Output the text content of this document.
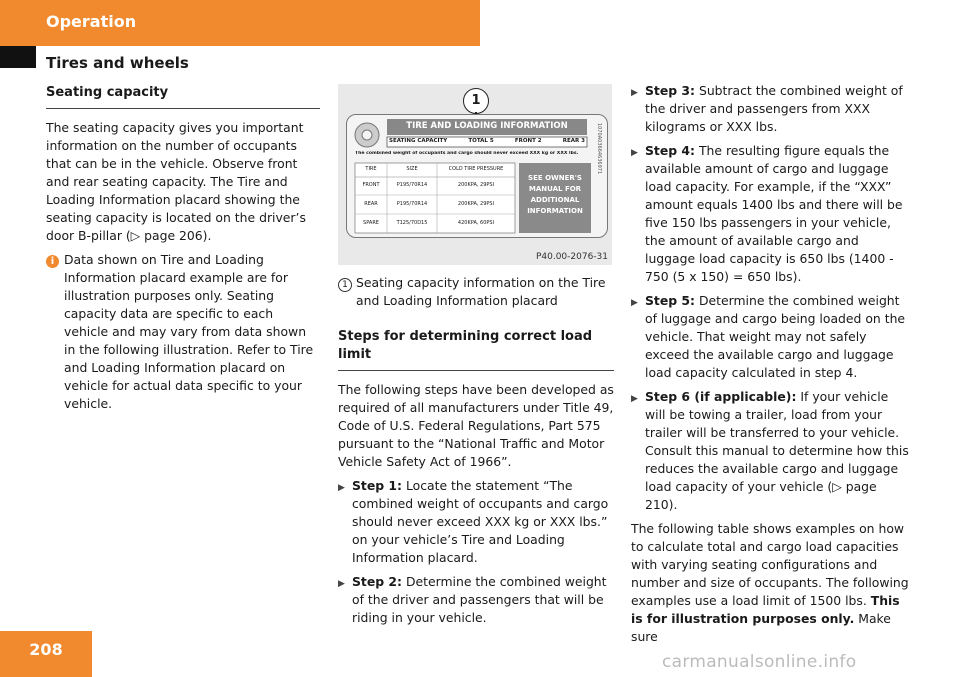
Operation
Tires and wheels
Seating capacity

The seating capacity gives you important information on the number of occupants that can be in the vehicle. Observe front and rear seating capacity. The Tire and Loading Information placard showing the seating capacity is located on the driver’s door B-pillar (▷ page 206).

i Data shown on Tire and Loading Information placard example are for illustration purposes only. Seating capacity data are specific to each vehicle and may vary from data shown in the following illustration. Refer to Tire and Loading Information placard on vehicle for actual data specific to your vehicle.
1
TIRE AND LOADING INFORMATION
SEATING CAPACITY	TOTAL 5	FRONT 2	REAR 3
The combined weight of occupants and cargo should never exceed XXX kg or XXX lbs.
TIRE	SIZE	COLD TIRE PRESSURE
FRONT	P195/70R14	200KPA, 29PSI
REAR	P195/70R14	200KPA, 29PSI
SPARE	T125/70D15	420KPA, 60PSI
SEE OWNER'S MANUAL FOR ADDITIONAL INFORMATION
1070A03664636971
P40.00-2076-31
1 Seating capacity information on the Tire and Loading Information placard
Steps for determining correct load limit

The following steps have been developed as required of all manufacturers under Title 49, Code of U.S. Federal Regulations, Part 575 pursuant to the “National Traffic and Motor Vehicle Safety Act of 1966”.

▶ Step 1: Locate the statement “The combined weight of occupants and cargo should never exceed XXX kg or XXX lbs.” on your vehicle’s Tire and Loading Information placard.
▶ Step 2: Determine the combined weight of the driver and passengers that will be riding in your vehicle.
▶ Step 3: Subtract the combined weight of the driver and passengers from XXX kilograms or XXX lbs.
▶ Step 4: The resulting figure equals the available amount of cargo and luggage load capacity. For example, if the “XXX” amount equals 1400 lbs and there will be five 150 lbs passengers in your vehicle, the amount of available cargo and luggage load capacity is 650 lbs (1400 - 750 (5 x 150) = 650 lbs).
▶ Step 5: Determine the combined weight of luggage and cargo being loaded on the vehicle. That weight may not safely exceed the available cargo and luggage load capacity calculated in step 4.
▶ Step 6 (if applicable): If your vehicle will be towing a trailer, load from your trailer will be transferred to your vehicle. Consult this manual to determine how this reduces the available cargo and luggage load capacity of your vehicle (▷ page 210).

The following table shows examples on how to calculate total and cargo load capacities with varying seating configurations and number and size of occupants. The following examples use a load limit of 1500 lbs. This is for illustration purposes only. Make sure

208
carmanualsonline.info
